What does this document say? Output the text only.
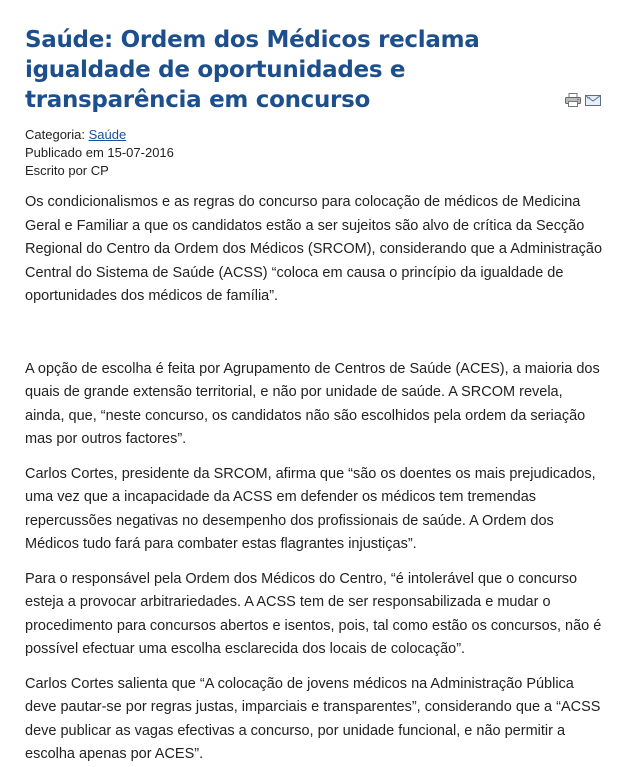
Saúde: Ordem dos Médicos reclama igualdade de oportunidades e transparência em concurso
Categoria: Saúde
Publicado em 15-07-2016
Escrito por CP

Os condicionalismos e as regras do concurso para colocação de médicos de Medicina Geral e Familiar a que os candidatos estão a ser sujeitos são alvo de crítica da Secção Regional do Centro da Ordem dos Médicos (SRCOM), considerando que a Administração Central do Sistema de Saúde (ACSS) “coloca em causa o princípio da igualdade de oportunidades dos médicos de família”.

A opção de escolha é feita por Agrupamento de Centros de Saúde (ACES), a maioria dos quais de grande extensão territorial, e não por unidade de saúde. A SRCOM revela, ainda, que, “neste concurso, os candidatos não são escolhidos pela ordem da seriação mas por outros factores”.

Carlos Cortes, presidente da SRCOM, afirma que “são os doentes os mais prejudicados, uma vez que a incapacidade da ACSS em defender os médicos tem tremendas repercussões negativas no desempenho dos profissionais de saúde. A Ordem dos Médicos tudo fará para combater estas flagrantes injustiças”.

Para o responsável pela Ordem dos Médicos do Centro, “é intolerável que o concurso esteja a provocar arbitrariedades. A ACSS tem de ser responsabilizada e mudar o procedimento para concursos abertos e isentos, pois, tal como estão os concursos, não é possível efectuar uma escolha esclarecida dos locais de colocação”.

Carlos Cortes salienta que “A colocação de jovens médicos na Administração Pública deve pautar-se por regras justas, imparciais e transparentes”, considerando que a “ACSS deve publicar as vagas efectivas a concurso, por unidade funcional, e não permitir a escolha apenas por ACES”.
